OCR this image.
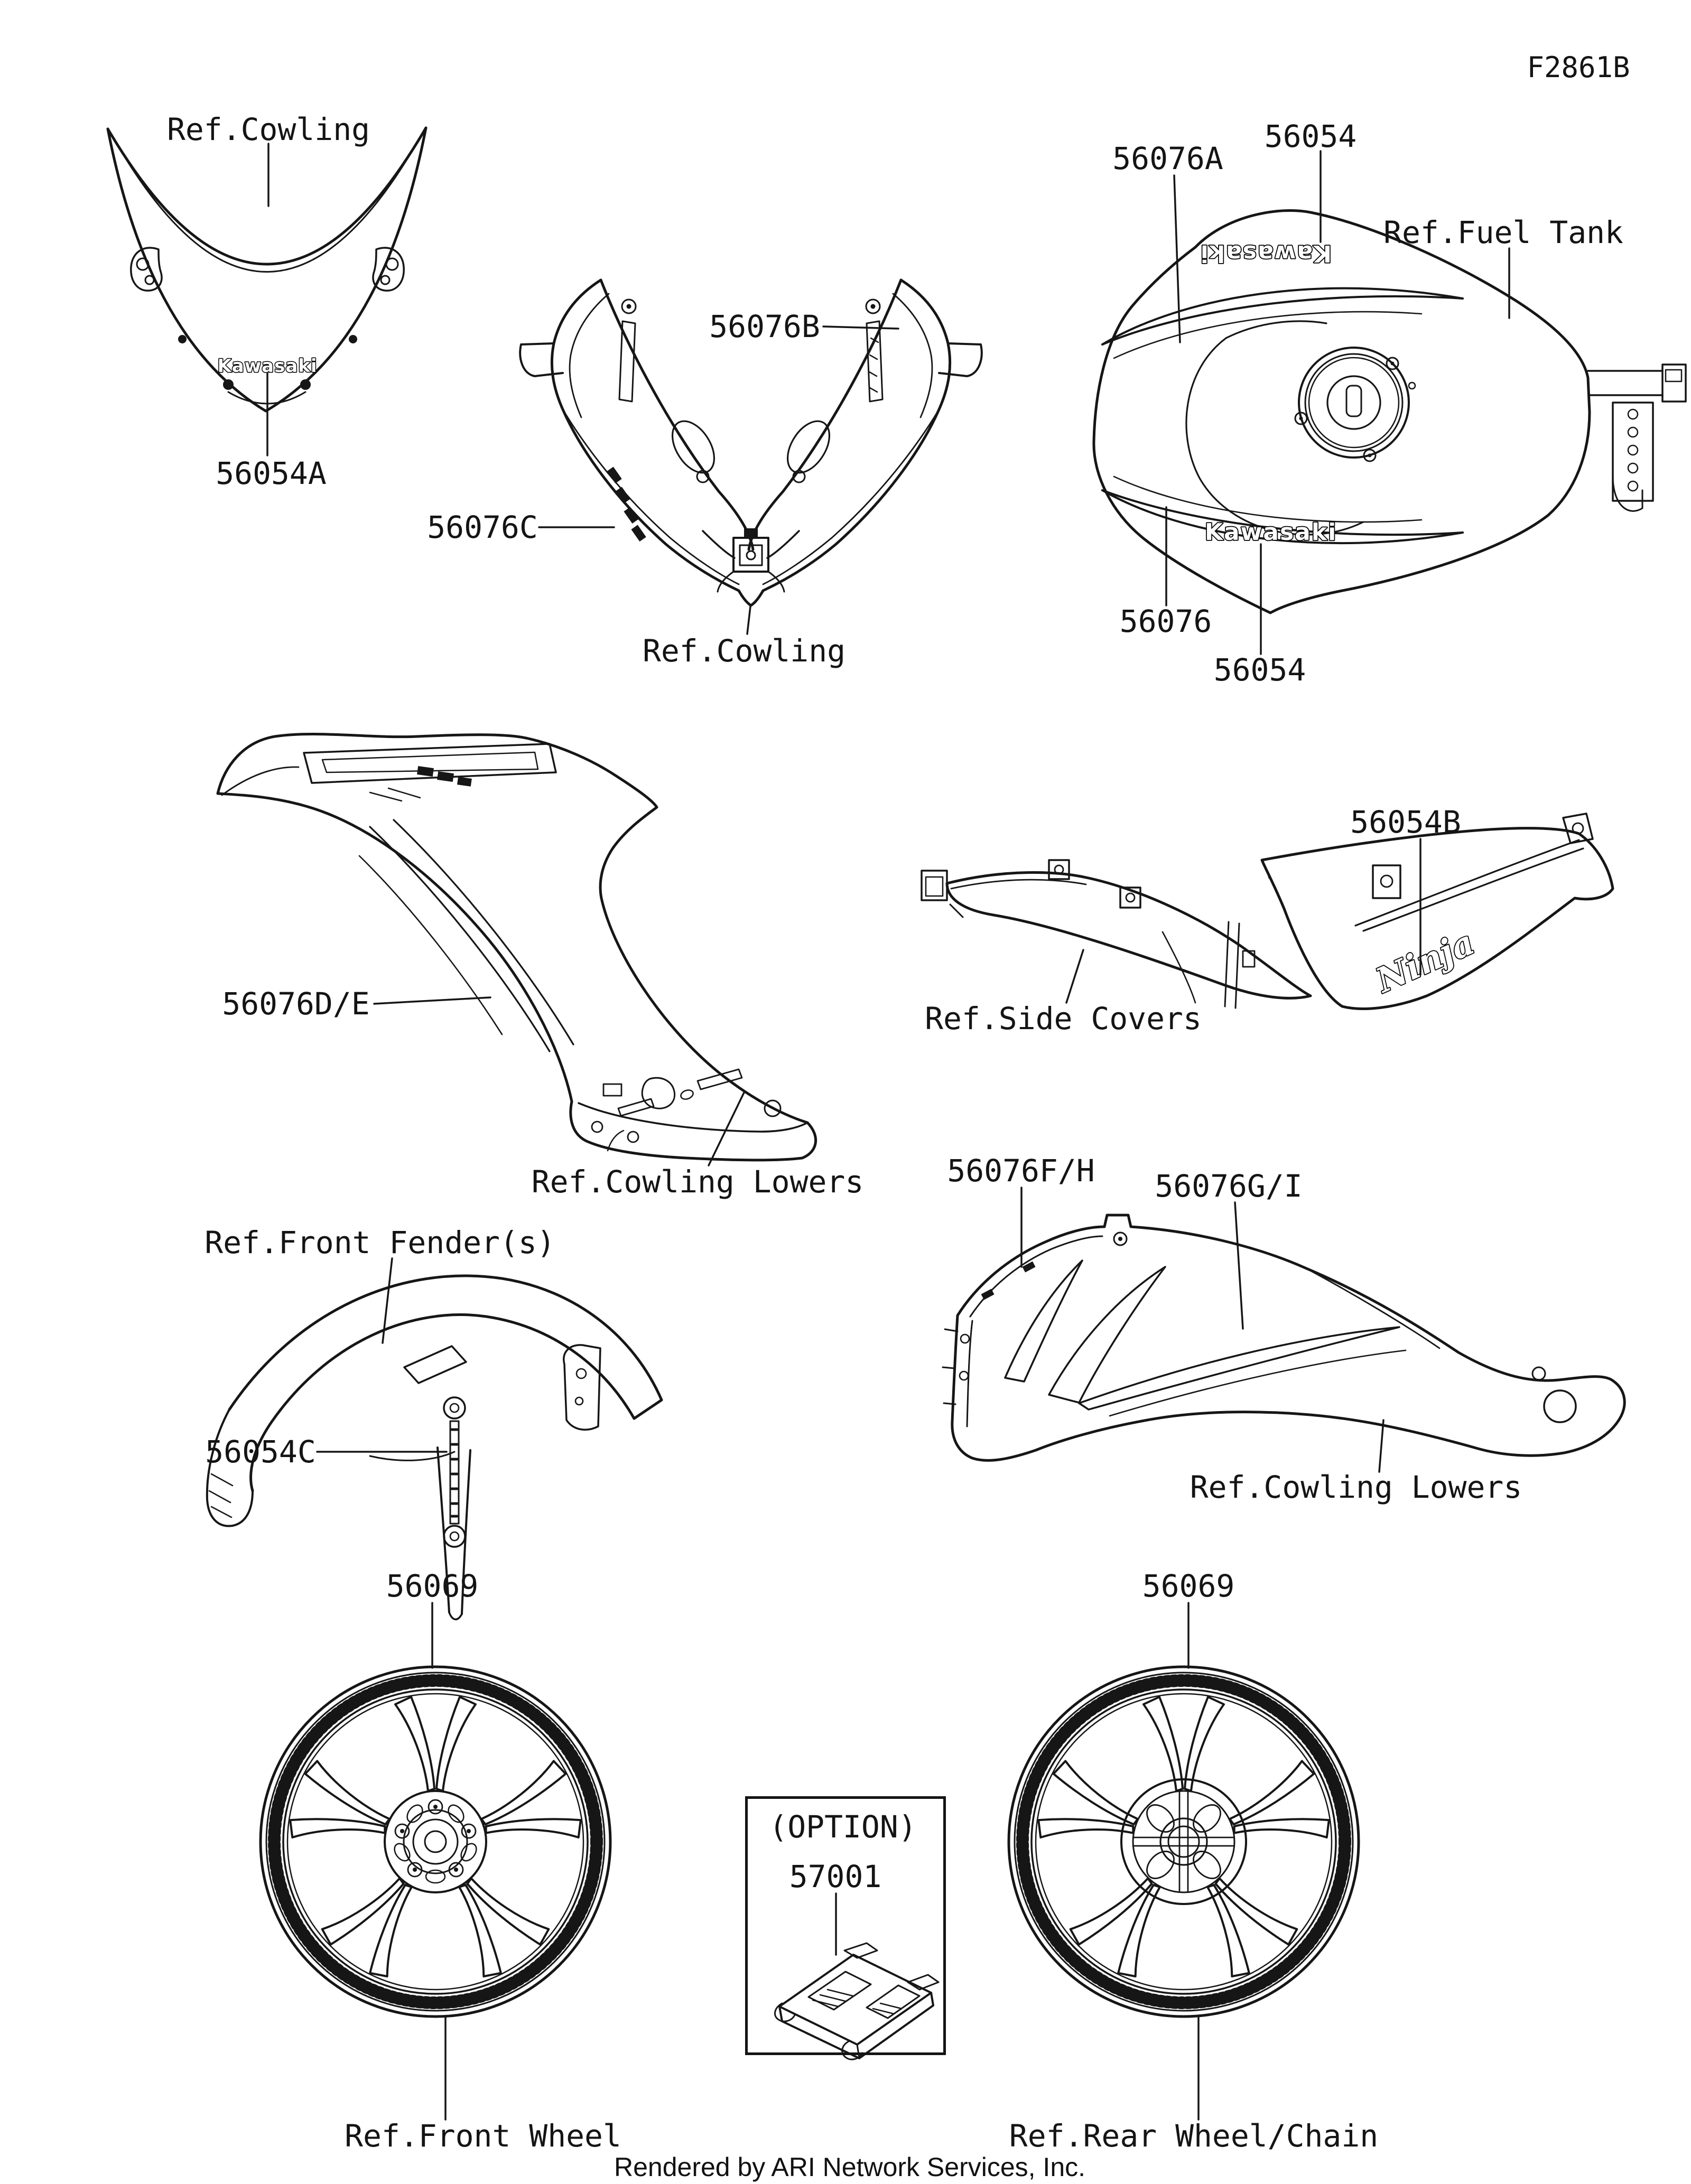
Kawasaki
Kawasaki
Kawasaki
Ninja
F2861B
Ref.Cowling
56054A
56076B
56076C
Ref.Cowling
56076A
56054
Ref.Fuel Tank
56076
56054
56076D/E
Ref.Cowling Lowers
56054B
Ref.Side Covers
56076F/H 56076G/I
Ref.Cowling Lowers
Ref.Front Fender(s)
56054C
56069	56069
(OPTION)
57001
Ref.Front Wheel	Ref.Rear Wheel/Chain
Rendered by ARI Network Services, Inc.
